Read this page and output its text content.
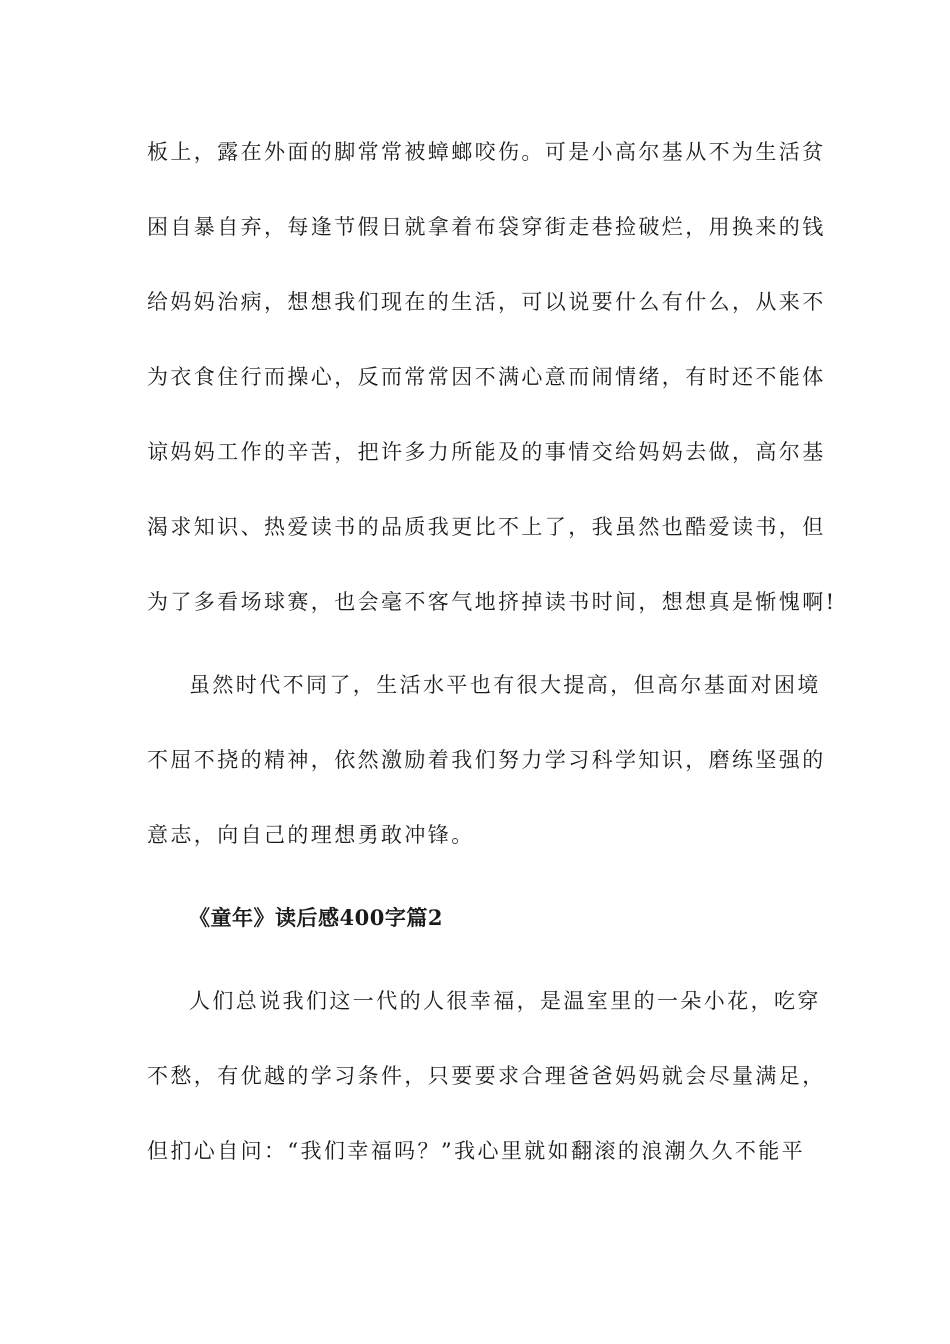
板上，露在外面的脚常常被蟑螂咬伤。可是小高尔基从不为生活贫
困自暴自弃，每逢节假日就拿着布袋穿街走巷捡破烂，用换来的钱
给妈妈治病，想想我们现在的生活，可以说要什么有什么，从来不
为衣食住行而操心，反而常常因不满心意而闹情绪，有时还不能体
谅妈妈工作的辛苦，把许多力所能及的事情交给妈妈去做，高尔基
渴求知识、热爱读书的品质我更比不上了，我虽然也酷爱读书，但
为了多看场球赛，也会毫不客气地挤掉读书时间，想想真是惭愧啊!
虽然时代不同了，生活水平也有很大提高，但高尔基面对困境
不屈不挠的精神，依然激励着我们努力学习科学知识，磨练坚强的
意志，向自己的理想勇敢冲锋。
《童年》读后感400字篇2
人们总说我们这一代的人很幸福，是温室里的一朵小花，吃穿
不愁，有优越的学习条件，只要要求合理爸爸妈妈就会尽量满足，
但扪心自问：“我们幸福吗？”我心里就如翻滚的浪潮久久不能平
